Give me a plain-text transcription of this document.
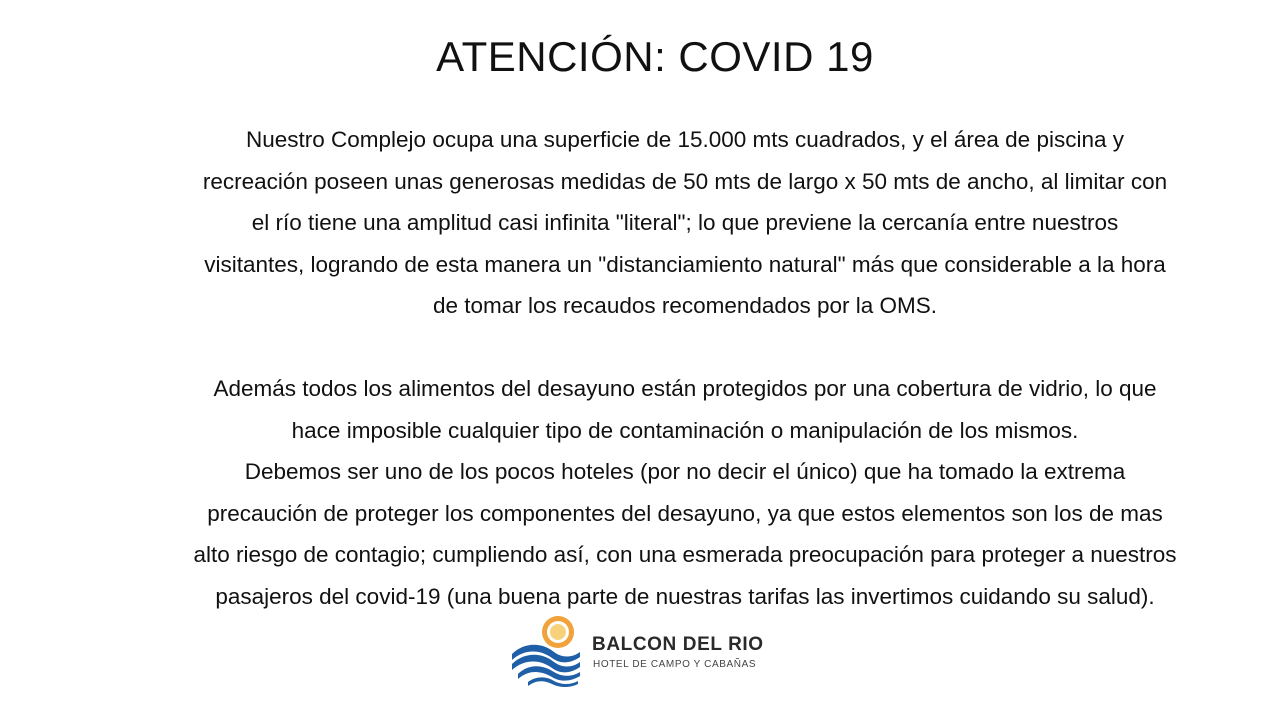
ATENCIÓN: COVID 19

Nuestro Complejo ocupa una superficie de 15.000 mts cuadrados, y el área de piscina y
recreación poseen unas generosas medidas de 50 mts de largo x 50 mts de ancho, al limitar con
el río tiene una amplitud casi infinita "literal"; lo que previene la cercanía entre nuestros
visitantes, logrando de esta manera un "distanciamiento natural" más que considerable a la hora
de tomar los recaudos recomendados por la OMS.

Además todos los alimentos del desayuno están protegidos por una cobertura de vidrio, lo que
hace imposible cualquier tipo de contaminación o manipulación de los mismos.
Debemos ser uno de los pocos hoteles (por no decir el único) que ha tomado la extrema
precaución de proteger los componentes del desayuno, ya que estos elementos son los de mas
alto riesgo de contagio; cumpliendo así, con una esmerada preocupación para proteger a nuestros
pasajeros del covid-19 (una buena parte de nuestras tarifas las invertimos cuidando su salud).

BALCON DEL RIO
HOTEL DE CAMPO Y CABAÑAS
